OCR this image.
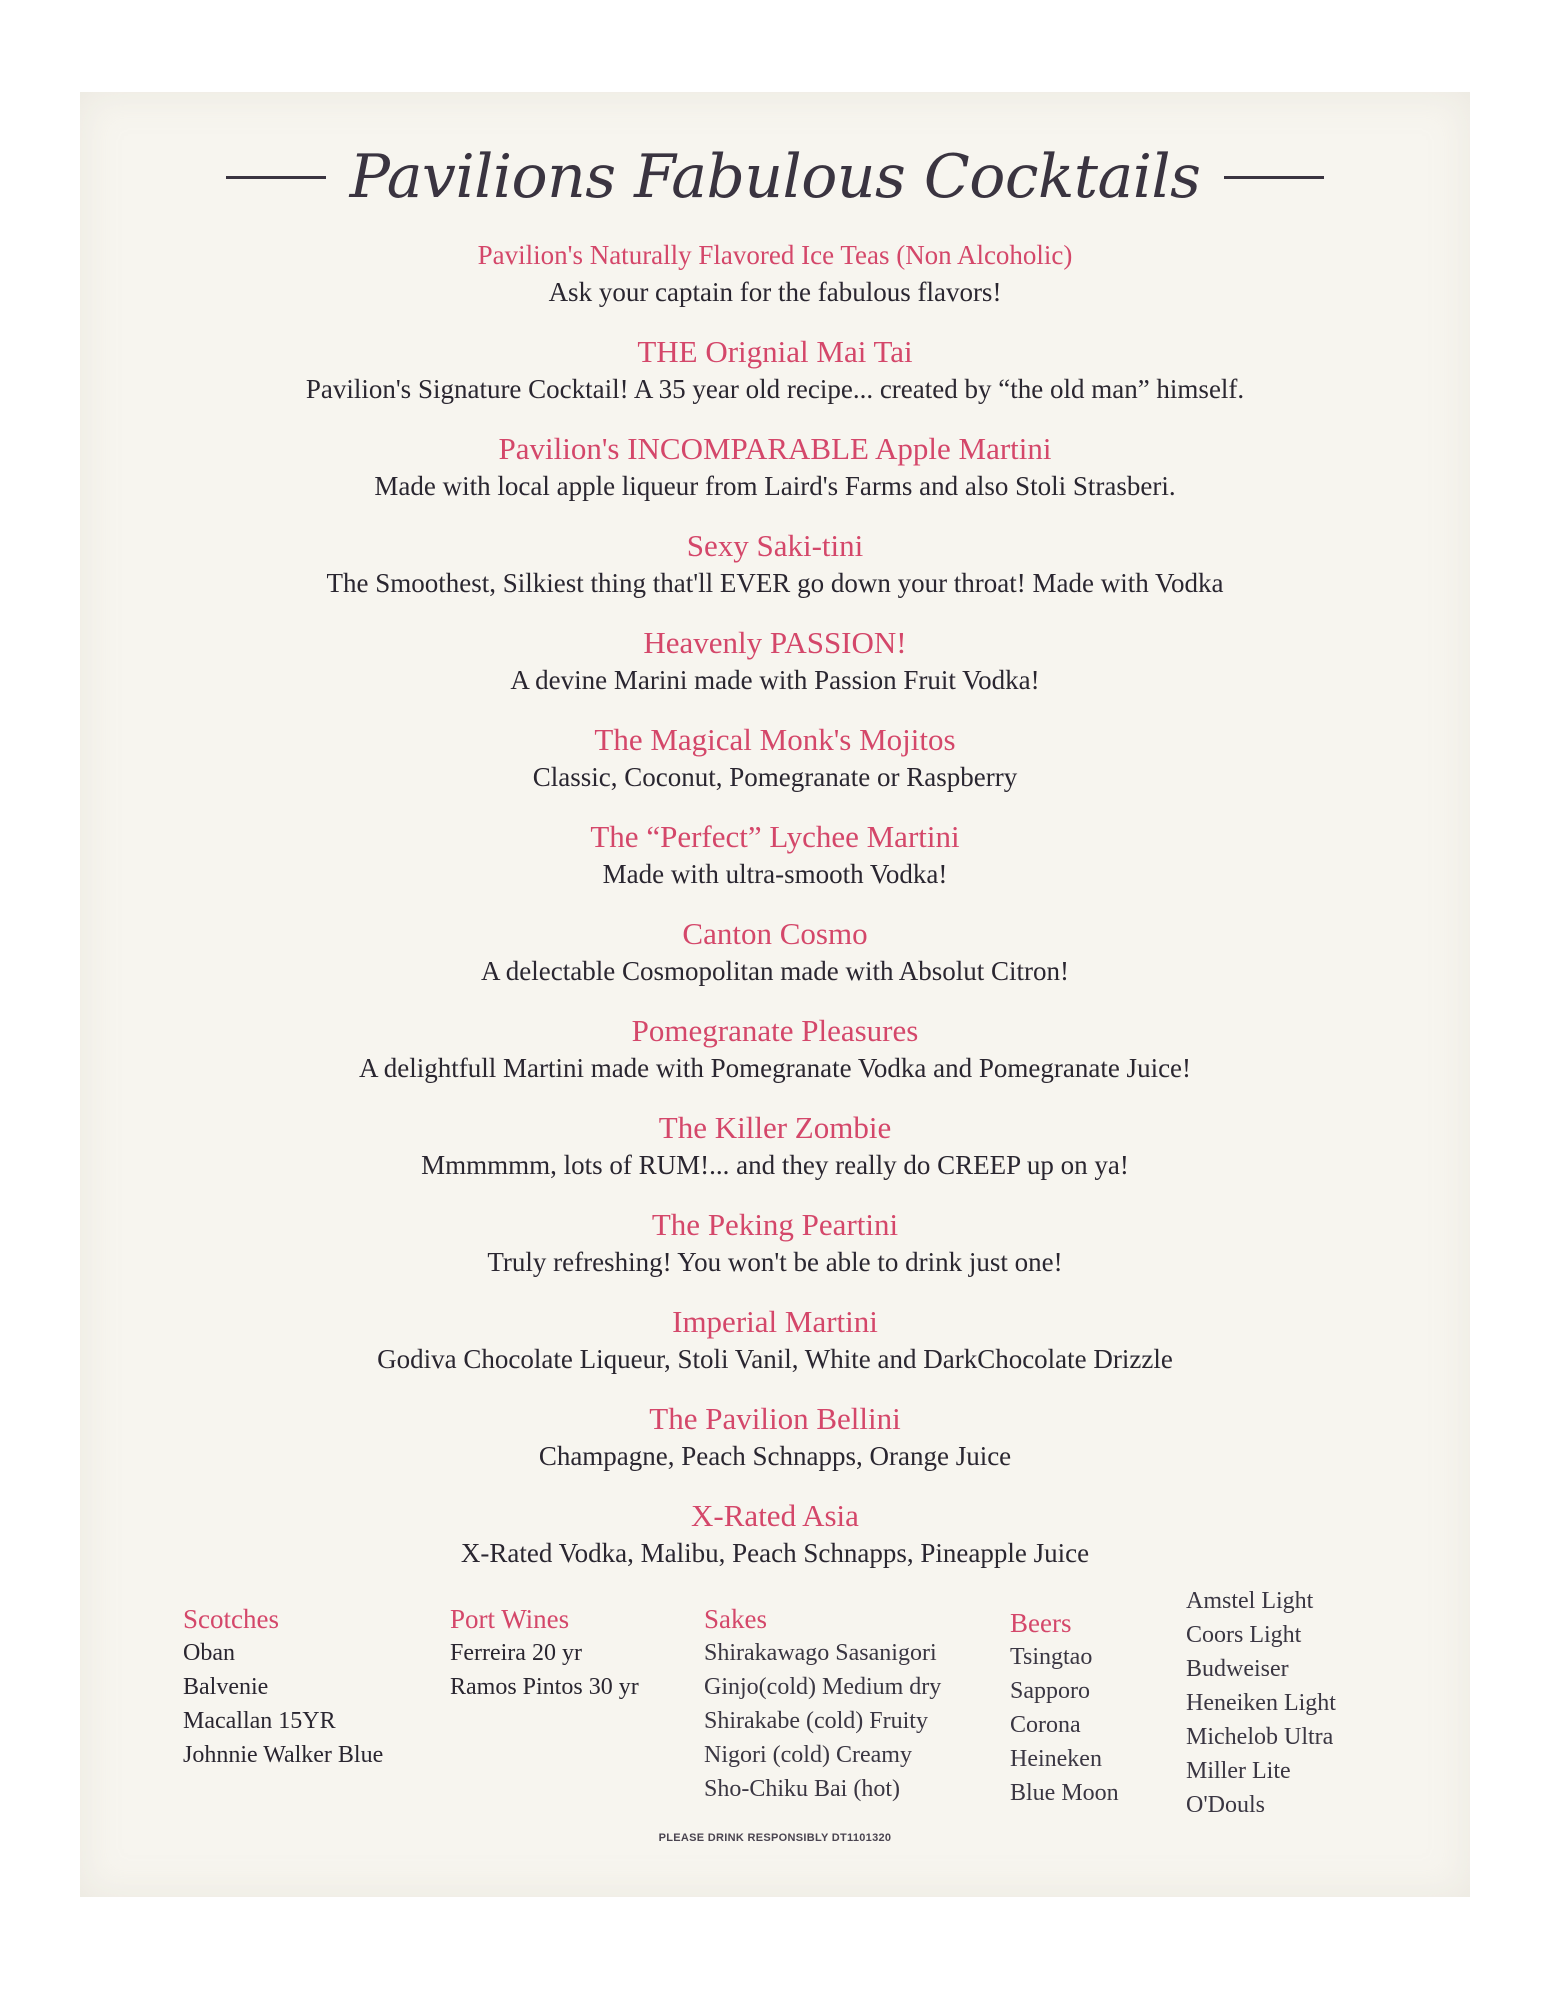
Pavilions Fabulous Cocktails
Pavilion's Naturally Flavored Ice Teas (Non Alcoholic)
Ask your captain for the fabulous flavors!
THE Orignial Mai Tai
Pavilion's Signature Cocktail! A 35 year old recipe... created by “the old man” himself.
Pavilion's INCOMPARABLE Apple Martini
Made with local apple liqueur from Laird's Farms and also Stoli Strasberi.
Sexy Saki-tini
The Smoothest, Silkiest thing that'll EVER go down your throat! Made with Vodka
Heavenly PASSION!
A devine Marini made with Passion Fruit Vodka!
The Magical Monk's Mojitos
Classic, Coconut, Pomegranate or Raspberry
The “Perfect” Lychee Martini
Made with ultra-smooth Vodka!
Canton Cosmo
A delectable Cosmopolitan made with Absolut Citron!
Pomegranate Pleasures
A delightfull Martini made with Pomegranate Vodka and Pomegranate Juice!
The Killer Zombie
Mmmmmm, lots of RUM!... and they really do CREEP up on ya!
The Peking Peartini
Truly refreshing! You won't be able to drink just one!
Imperial Martini
Godiva Chocolate Liqueur, Stoli Vanil, White and DarkChocolate Drizzle
The Pavilion Bellini
Champagne, Peach Schnapps, Orange Juice
X-Rated Asia
X-Rated Vodka, Malibu, Peach Schnapps, Pineapple Juice
Scotches
Oban
Balvenie
Macallan 15YR
Johnnie Walker Blue
Port Wines
Ferreira 20 yr
Ramos Pintos 30 yr
Sakes
Shirakawago Sasanigori
Ginjo(cold) Medium dry
Shirakabe (cold) Fruity
Nigori (cold) Creamy
Sho-Chiku Bai (hot)
Beers
Tsingtao
Sapporo
Corona
Heineken
Blue Moon
Amstel Light
Coors Light
Budweiser
Heneiken Light
Michelob Ultra
Miller Lite
O'Douls
PLEASE DRINK RESPONSIBLY DT1101320
